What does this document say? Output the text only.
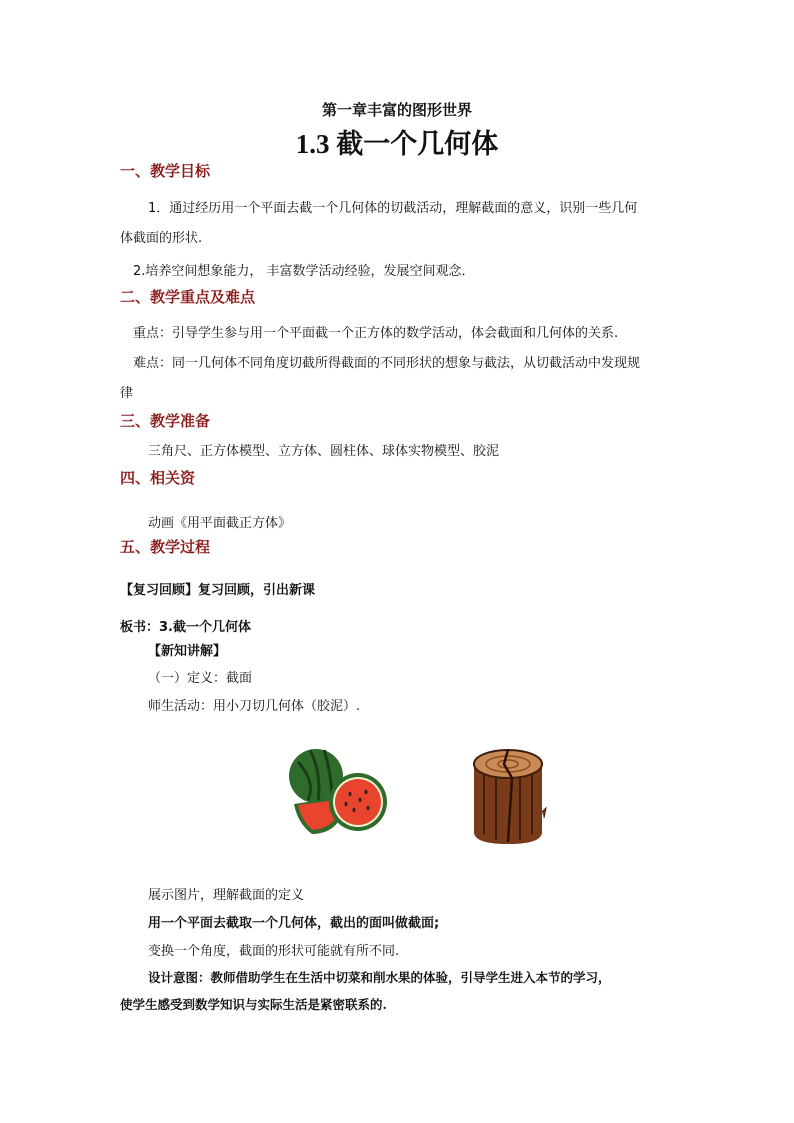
第一章丰富的图形世界
1.3 截一个几何体
一、教学目标
1．通过经历用一个平面去截一个几何体的切截活动，理解截面的意义，识别一些几何
体截面的形状.
2.培养空间想象能力， 丰富数学活动经验，发展空间观念．
二、教学重点及难点
重点：引导学生参与用一个平面截一个正方体的数学活动，体会截面和几何体的关系.
难点：同一几何体不同角度切截所得截面的不同形状的想象与截法，从切截活动中发现规
律
三、教学准备
三角尺、正方体模型、立方体、圆柱体、球体实物模型、胶泥
四、相关资
动画《用平面截正方体》
五、教学过程
【复习回顾】复习回顾，引出新课
板书：3.截一个几何体
【新知讲解】
（一）定义：截面
师生活动：用小刀切几何体（胶泥）.
展示图片，理解截面的定义
用一个平面去截取一个几何体，截出的面叫做截面;
变换一个角度，截面的形状可能就有所不同.
设计意图：教师借助学生在生活中切菜和削水果的体验，引导学生进入本节的学习，
使学生感受到数学知识与实际生活是紧密联系的.
